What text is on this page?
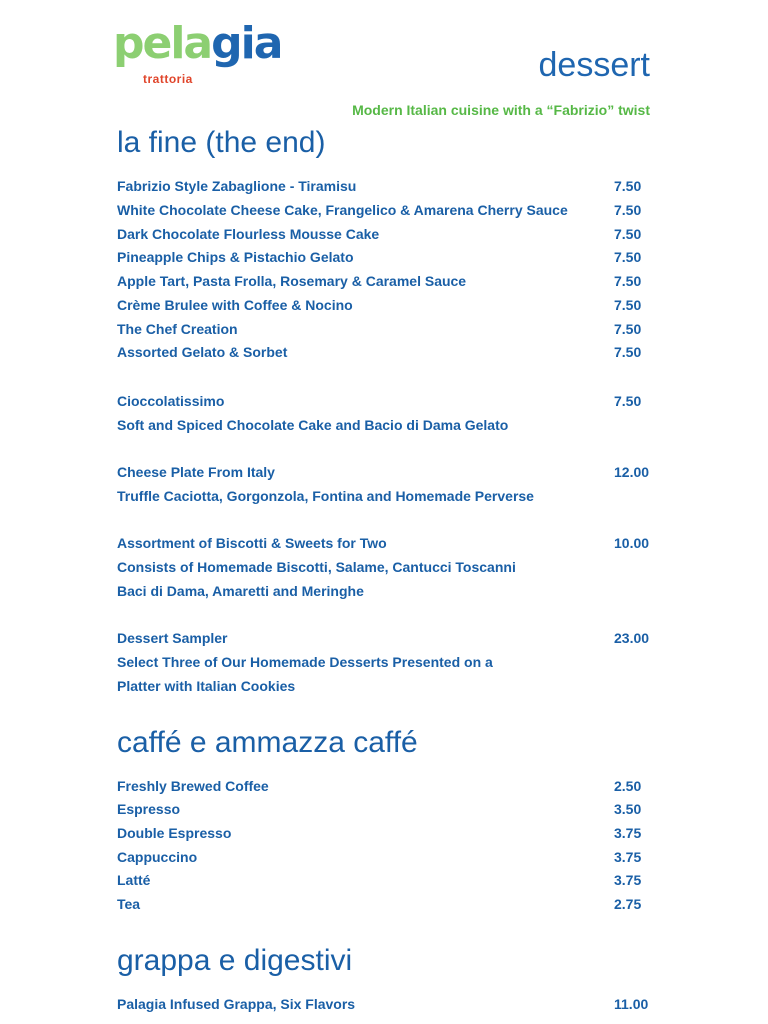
pelagia
trattoria	dessert
Modern Italian cuisine with a “Fabrizio” twist
la fine (the end)
Fabrizio Style Zabaglione - Tiramisu	7.50
White Chocolate Cheese Cake, Frangelico & Amarena Cherry Sauce	7.50
Dark Chocolate Flourless Mousse Cake	7.50
Pineapple Chips & Pistachio Gelato	7.50
Apple Tart, Pasta Frolla, Rosemary & Caramel Sauce	7.50
Crème Brulee with Coffee & Nocino	7.50
The Chef Creation	7.50
Assorted Gelato & Sorbet	7.50
Cioccolatissimo	7.50
Soft and Spiced Chocolate Cake and Bacio di Dama Gelato
Cheese Plate From Italy	12.00
Truffle Caciotta, Gorgonzola, Fontina and Homemade Perverse
Assortment of Biscotti & Sweets for Two	10.00
Consists of Homemade Biscotti, Salame, Cantucci Toscanni
Baci di Dama, Amaretti and Meringhe
Dessert Sampler	23.00
Select Three of Our Homemade Desserts Presented on a
Platter with Italian Cookies
caffé e ammazza caffé
Freshly Brewed Coffee	2.50
Espresso	3.50
Double Espresso	3.75
Cappuccino	3.75
Latté	3.75
Tea	2.75
grappa e digestivi
Palagia Infused Grappa, Six Flavors	11.00
